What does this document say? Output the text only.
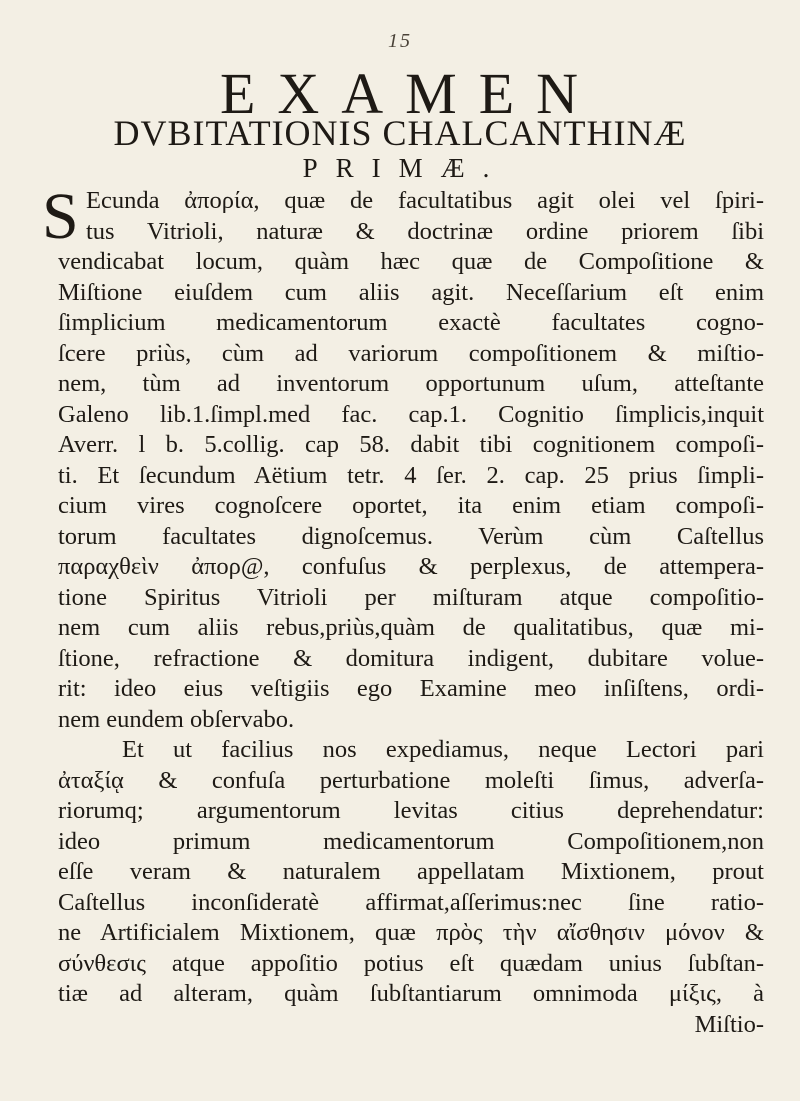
15
EXAMEN
DVBITATIONIS CHALCANTHINÆ
PRIMÆ.
S Ecunda ἀπορία, quæ de facultatibus agit olei vel ſpiri-
tus Vitrioli, naturæ & doctrinæ ordine priorem ſibi
vendicabat locum, quàm hæc quæ de Compoſitione &
Miſtione eiuſdem cum aliis agit. Neceſſarium eſt enim
ſimplicium medicamentorum exactè facultates cogno-
ſcere priùs, cùm ad variorum compoſitionem & miſtio-
nem, tùm ad inventorum opportunum uſum, atteſtante
Galeno lib.1.ſimpl.med fac. cap.1. Cognitio ſimplicis,inquit
Averr. l b. 5.collig. cap 58. dabit tibi cognitionem compoſi-
ti. Et ſecundum Aëtium tetr. 4 ſer. 2. cap. 25 prius ſimpli-
cium vires cognoſcere oportet, ita enim etiam compoſi-
torum facultates dignoſcemus. Verùm cùm Caſtellus
παραχθεὶν ἀπορ@, confuſus & perplexus, de attempera-
tione Spiritus Vitrioli per miſturam atque compoſitio-
nem cum aliis rebus,priùs,quàm de qualitatibus, quæ mi-
ſtione, refractione & domitura indigent, dubitare volue-
rit: ideo eius veſtigiis ego Examine meo inſiſtens, ordi-
nem eundem obſervabo.
Et ut facilius nos expediamus, neque Lectori pari
ἀταξίᾳ & confuſa perturbatione moleſti ſimus, adverſa-
riorumq; argumentorum levitas citius deprehendatur:
ideo primum medicamentorum Compoſitionem,non
eſſe veram & naturalem appellatam Mixtionem, prout
Caſtellus inconſideratè affirmat,aſſerimus:nec ſine ratio-
ne Artificialem Mixtionem, quæ πρὸς τὴν αἴσθησιν μόνον &
σύνθεσις atque appoſitio potius eſt quædam unius ſubſtan-
tiæ ad alteram, quàm ſubſtantiarum omnimoda μίξις, à
Miſtio-
